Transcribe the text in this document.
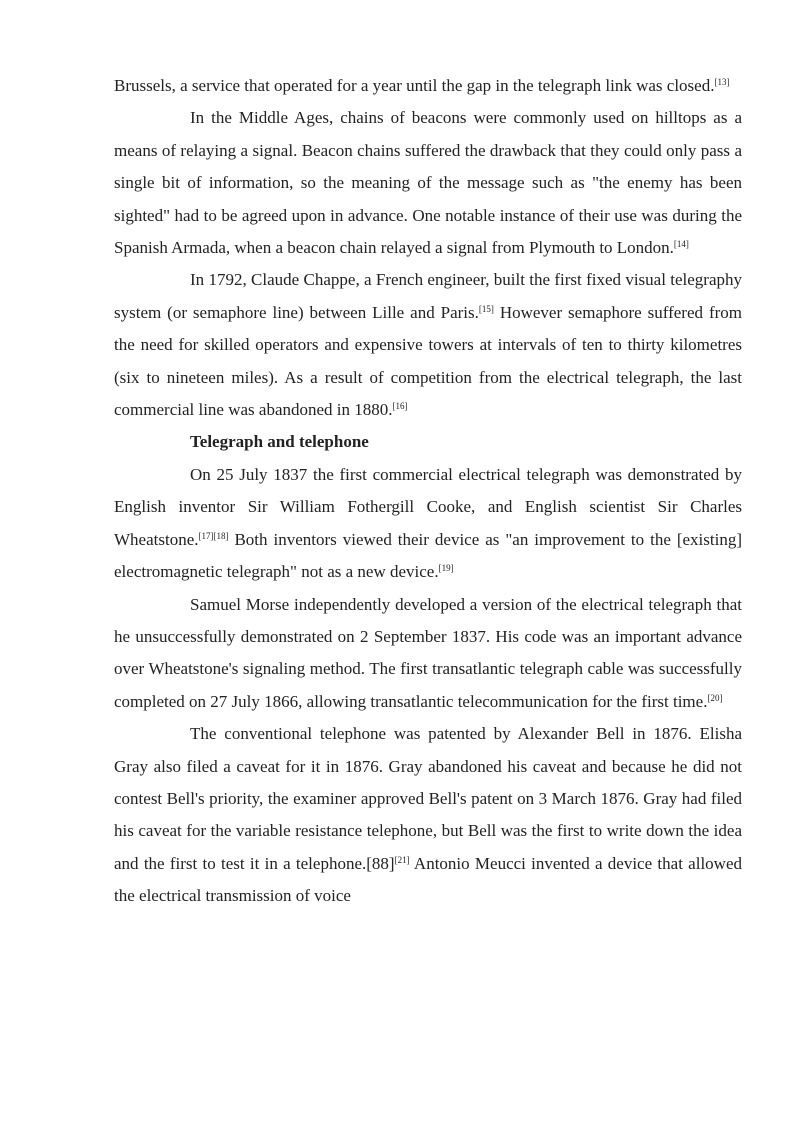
Brussels, a service that operated for a year until the gap in the telegraph link was closed.[13]

In the Middle Ages, chains of beacons were commonly used on hilltops as a means of relaying a signal. Beacon chains suffered the drawback that they could only pass a single bit of information, so the meaning of the message such as "the enemy has been sighted" had to be agreed upon in advance. One notable instance of their use was during the Spanish Armada, when a beacon chain relayed a signal from Plymouth to London.[14]

In 1792, Claude Chappe, a French engineer, built the first fixed visual telegraphy system (or semaphore line) between Lille and Paris.[15] However semaphore suffered from the need for skilled operators and expensive towers at intervals of ten to thirty kilometres (six to nineteen miles). As a result of competition from the electrical telegraph, the last commercial line was abandoned in 1880.[16]

Telegraph and telephone

On 25 July 1837 the first commercial electrical telegraph was demonstrated by English inventor Sir William Fothergill Cooke, and English scientist Sir Charles Wheatstone.[17][18] Both inventors viewed their device as "an improvement to the [existing] electromagnetic telegraph" not as a new device.[19]

Samuel Morse independently developed a version of the electrical telegraph that he unsuccessfully demonstrated on 2 September 1837. His code was an important advance over Wheatstone's signaling method. The first transatlantic telegraph cable was successfully completed on 27 July 1866, allowing transatlantic telecommunication for the first time.[20]

The conventional telephone was patented by Alexander Bell in 1876. Elisha Gray also filed a caveat for it in 1876. Gray abandoned his caveat and because he did not contest Bell's priority, the examiner approved Bell's patent on 3 March 1876. Gray had filed his caveat for the variable resistance telephone, but Bell was the first to write down the idea and the first to test it in a telephone.[88][21] Antonio Meucci invented a device that allowed the electrical transmission of voice
